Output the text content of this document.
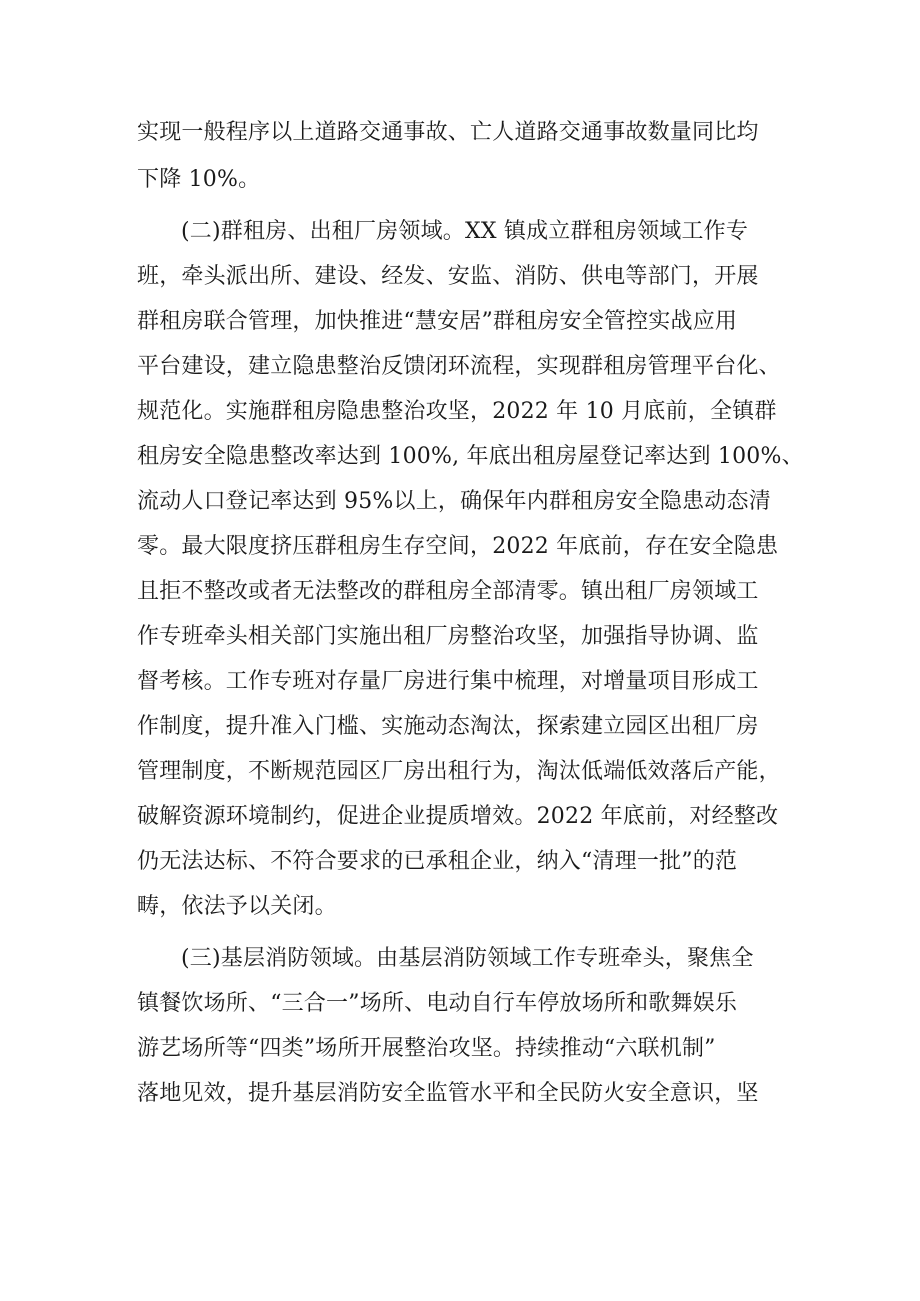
实现一般程序以上道路交通事故、亡人道路交通事故数量同比均
下降 10%。
(二)群租房、出租厂房领域。XX 镇成立群租房领域工作专
班，牵头派出所、建设、经发、安监、消防、供电等部门，开展
群租房联合管理，加快推进“慧安居”群租房安全管控实战应用
平台建设，建立隐患整治反馈闭环流程，实现群租房管理平台化、
规范化。实施群租房隐患整治攻坚，2022 年 10 月底前，全镇群
租房安全隐患整改率达到 100%, 年底出租房屋登记率达到 100%、
流动人口登记率达到 95%以上，确保年内群租房安全隐患动态清
零。最大限度挤压群租房生存空间，2022 年底前，存在安全隐患
且拒不整改或者无法整改的群租房全部清零。镇出租厂房领域工
作专班牵头相关部门实施出租厂房整治攻坚，加强指导协调、监
督考核。工作专班对存量厂房进行集中梳理，对增量项目形成工
作制度，提升准入门槛、实施动态淘汰，探索建立园区出租厂房
管理制度，不断规范园区厂房出租行为，淘汰低端低效落后产能，
破解资源环境制约，促进企业提质增效。2022 年底前，对经整改
仍无法达标、不符合要求的已承租企业，纳入“清理一批”的范
畴，依法予以关闭。
(三)基层消防领域。由基层消防领域工作专班牵头，聚焦全
镇餐饮场所、“三合一”场所、电动自行车停放场所和歌舞娱乐
游艺场所等“四类”场所开展整治攻坚。持续推动“六联机制”
落地见效，提升基层消防安全监管水平和全民防火安全意识，坚
